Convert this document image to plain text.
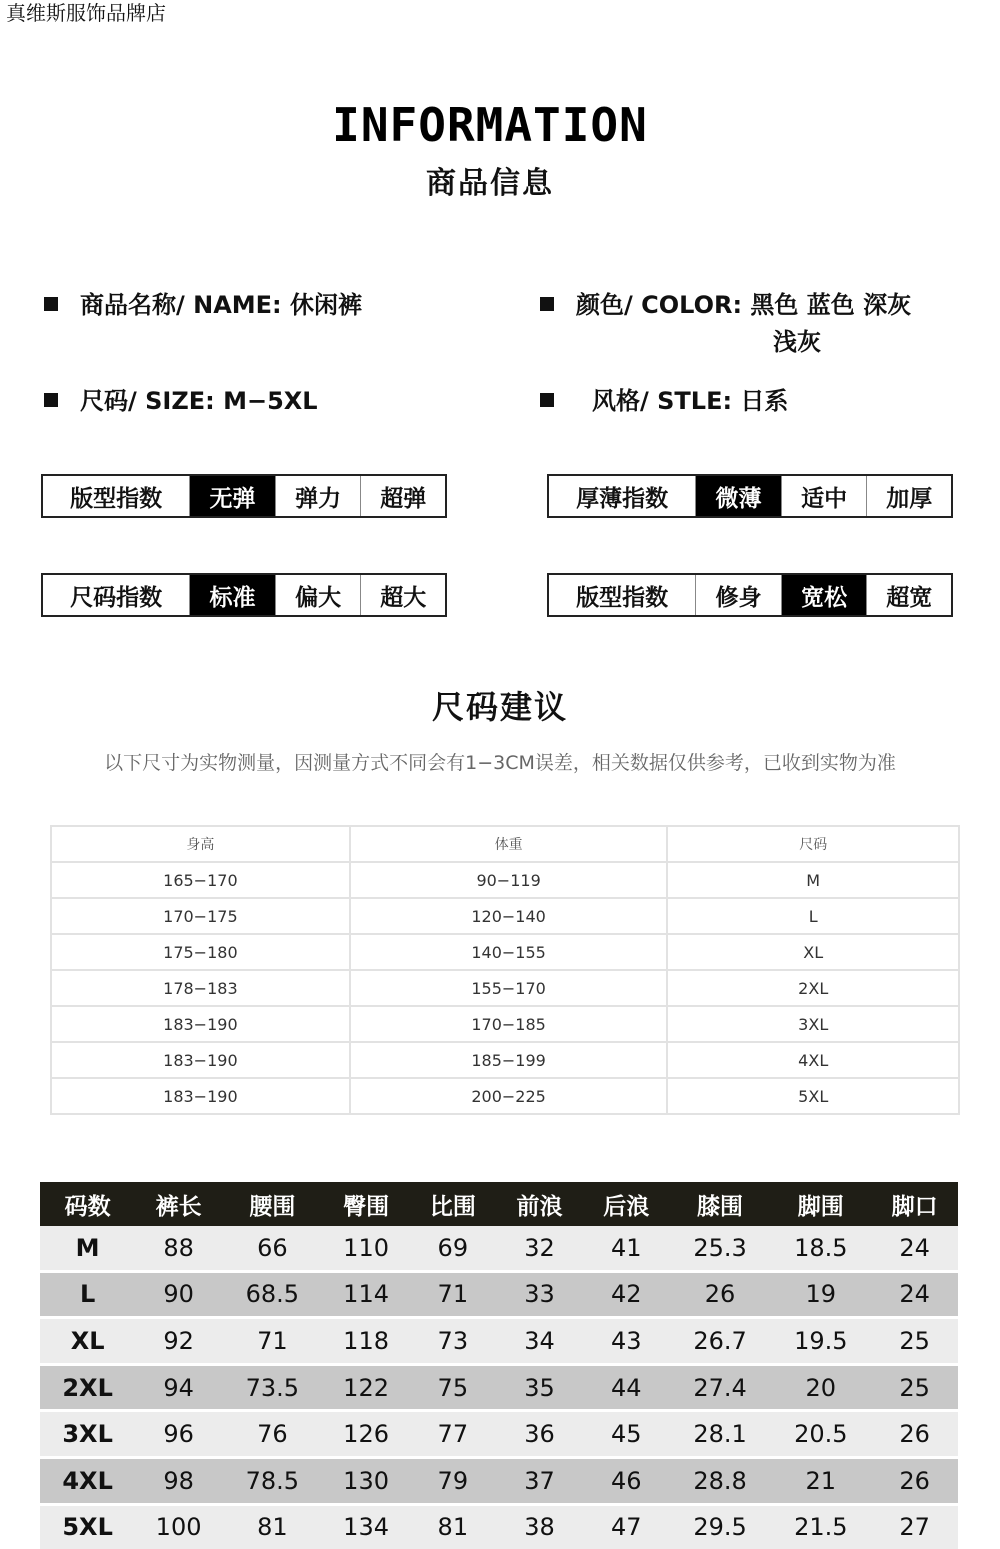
真维斯服饰品牌店
INFORMATION
商品信息
商品名称/ NAME: 休闲裤	颜色/ COLOR: 黑色 蓝色 深灰
浅灰
尺码/ SIZE: M−5XL	风格/ STLE: 日系
版型指数	无弹	弹力	超弹	厚薄指数	微薄	适中	加厚
尺码指数	标准	偏大	超大	版型指数	修身	宽松	超宽
尺码建议
以下尺寸为实物测量，因测量方式不同会有1−3CM误差，相关数据仅供参考，已收到实物为准
身高	体重	尺码
165−170	90−119	M
170−175	120−140	L
175−180	140−155	XL
178−183	155−170	2XL
183−190	170−185	3XL
183−190	185−199	4XL
183−190	200−225	5XL
码数	裤长	腰围	臀围	比围	前浪	后浪	膝围	脚围	脚口
M	88	66	110	69	32	41	25.3	18.5	24
L	90	68.5	114	71	33	42	26	19	24
XL	92	71	118	73	34	43	26.7	19.5	25
2XL	94	73.5	122	75	35	44	27.4	20	25
3XL	96	76	126	77	36	45	28.1	20.5	26
4XL	98	78.5	130	79	37	46	28.8	21	26
5XL	100	81	134	81	38	47	29.5	21.5	27
